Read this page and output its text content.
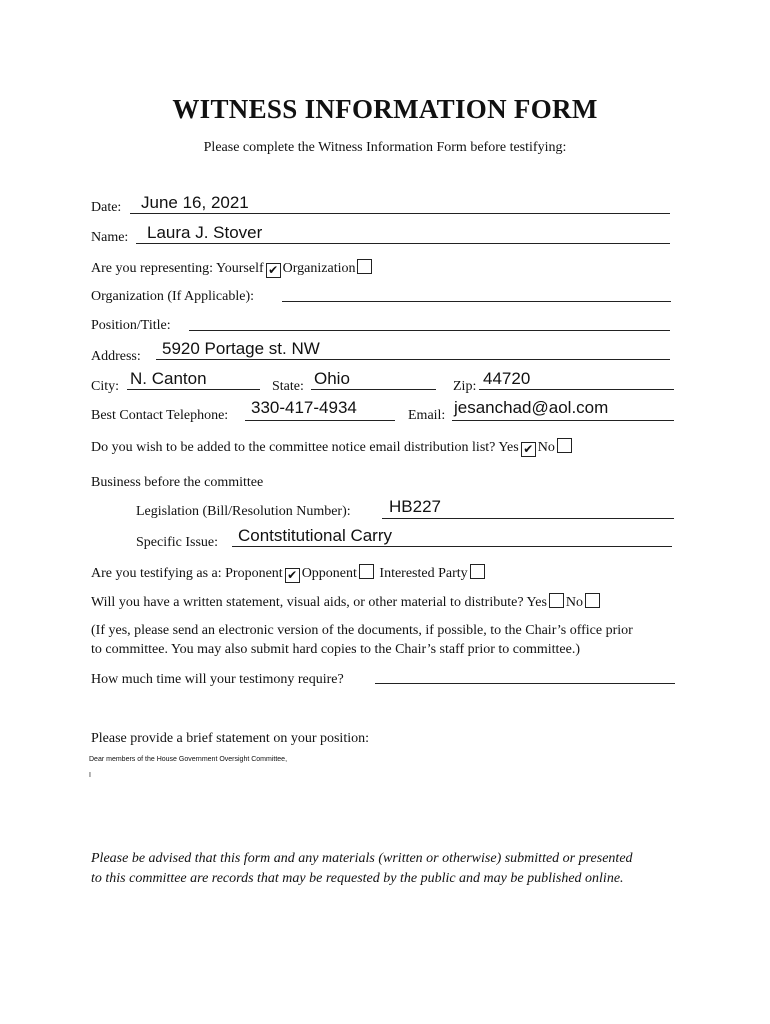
WITNESS INFORMATION FORM
Please complete the Witness Information Form before testifying:
Date: June 16, 2021
Name: Laura J. Stover
Are you representing: Yourself ✔ Organization
Organization (If Applicable):
Position/Title:
Address: 5920 Portage st. NW
City: N. Canton	State: Ohio	Zip: 44720
Best Contact Telephone: 330-417-4934	Email: jesanchad@aol.com
Do you wish to be added to the committee notice email distribution list? Yes ✔ No
Business before the committee
Legislation (Bill/Resolution Number): HB227
Specific Issue: Contstitutional Carry
Are you testifying as a: Proponent ✔ Opponent Interested Party
Will you have a written statement, visual aids, or other material to distribute? Yes No
(If yes, please send an electronic version of the documents, if possible, to the Chair’s office prior
to committee. You may also submit hard copies to the Chair’s staff prior to committee.)
How much time will your testimony require?
Please provide a brief statement on your position:
Dear members of the House Government Oversight Committee,
I
Please be advised that this form and any materials (written or otherwise) submitted or presented
to this committee are records that may be requested by the public and may be published online.
